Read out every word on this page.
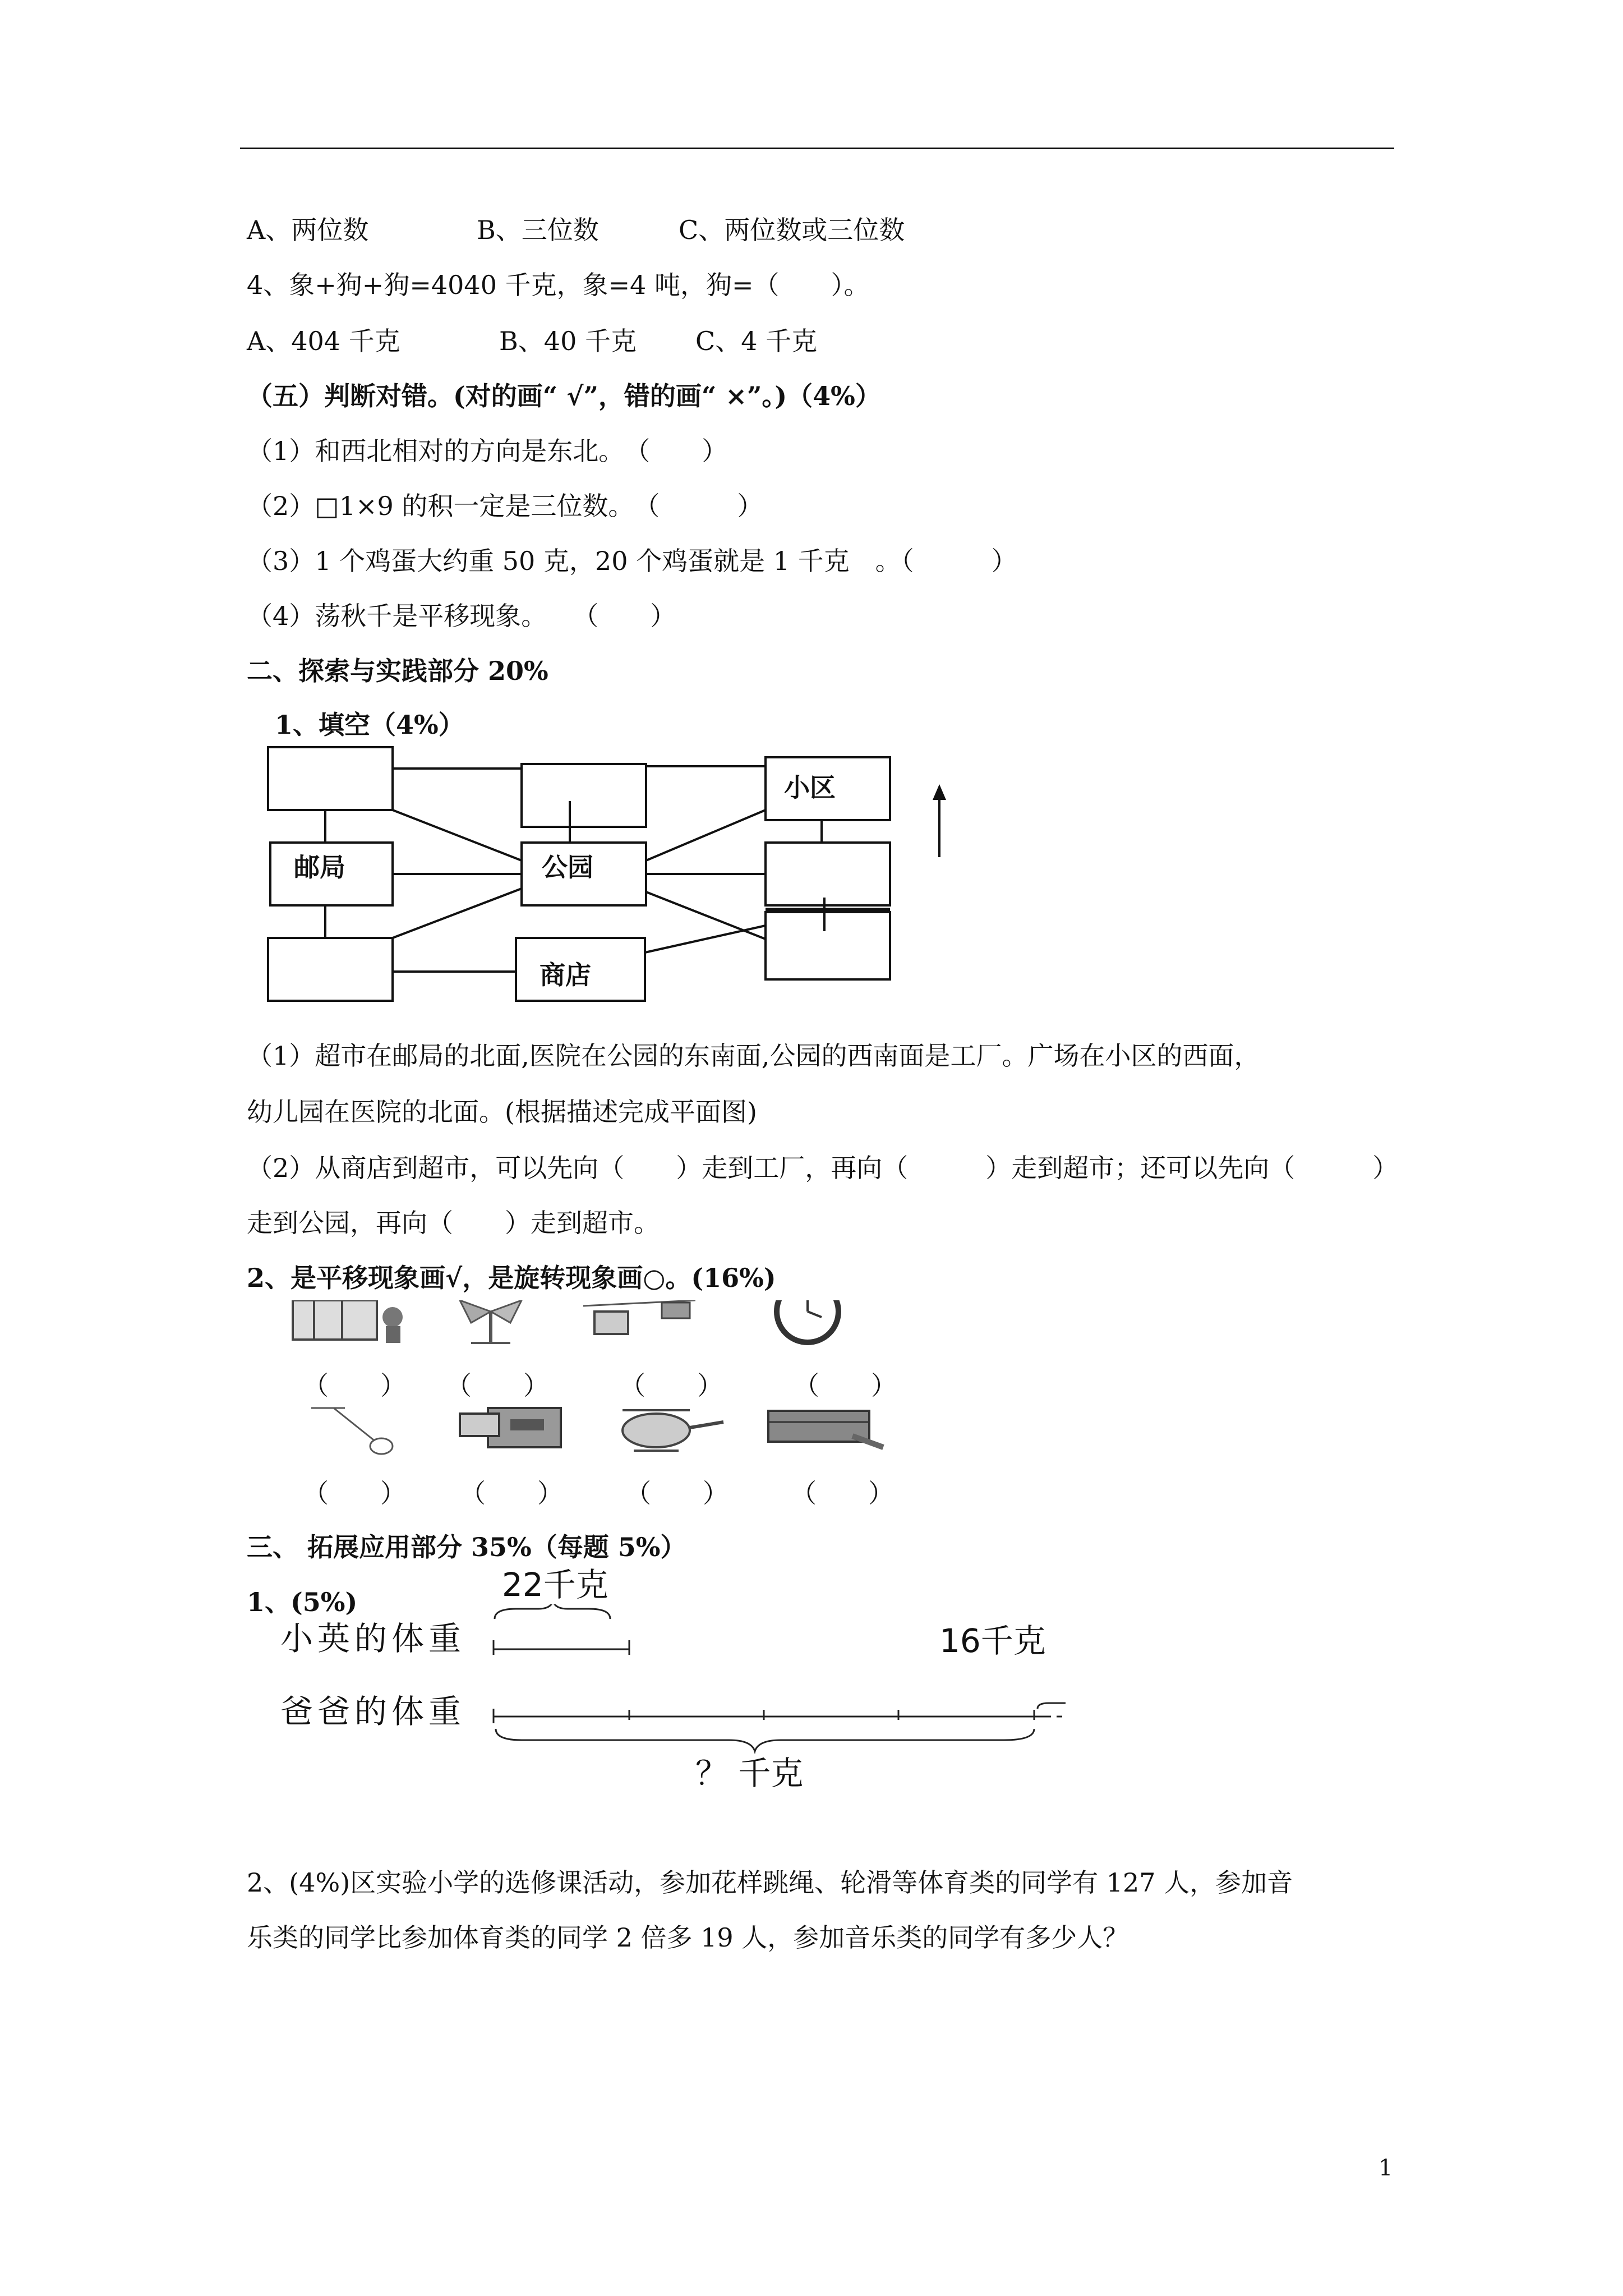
A、两位数	B、三位数	C、两位数或三位数
4、象+狗+狗=4040 千克，象=4 吨，狗=（　　）。
A、404 千克	B、40 千克 C、4 千克
（五）判断对错。(对的画“ √”，错的画“ ×”。)（4%）
（1）和西北相对的方向是东北。　（　　）
（2）□1×9 的积一定是三位数。　（　　　）
（3）1 个鸡蛋大约重 50 克，20 个鸡蛋就是 1 千克　。（　　　）
（4）荡秋千是平移现象。　　（　　）
二、探索与实践部分 20%
1、填空（4%）
邮局	公园
小区
商店
（1）超市在邮局的北面,医院在公园的东南面,公园的西南面是工厂。广场在小区的西面，
幼儿园在医院的北面。(根据描述完成平面图)
（2）从商店到超市，可以先向（　　）走到工厂，再向（　　　）走到超市；还可以先向（　　　）
走到公园，再向（　　）走到超市。
2、是平移现象画√，是旋转现象画○。(16%)
（　　） （　　）	（　　）	（　　）
（　　） （　　） （　　） （　　）
三、 拓展应用部分 35%（每题 5%）
1、(5%)	22千克
小英的体重	16千克
爸爸的体重
？ 千克
2、(4%)区实验小学的选修课活动，参加花样跳绳、轮滑等体育类的同学有 127 人，参加音
乐类的同学比参加体育类的同学 2 倍多 19 人，参加音乐类的同学有多少人？
1
